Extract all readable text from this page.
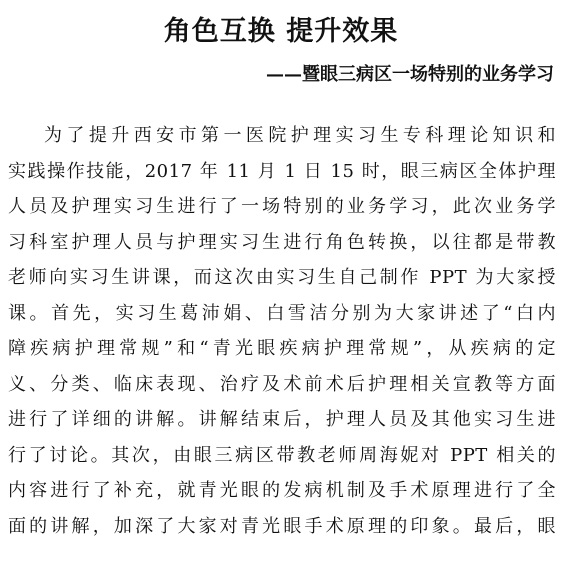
角色互换 提升效果
——暨眼三病区一场特别的业务学习
为了提升西安市第一医院护理实习生专科理论知识和
实践操作技能，2017 年 11 月 1 日 15 时，眼三病区全体护理
人员及护理实习生进行了一场特别的业务学习，此次业务学
习科室护理人员与护理实习生进行角色转换，以往都是带教
老师向实习生讲课，而这次由实习生自己制作 PPT 为大家授
课。首先，实习生葛沛娟、白雪洁分别为大家讲述了“白内
障疾病护理常规”和“青光眼疾病护理常规”，从疾病的定
义、分类、临床表现、治疗及术前术后护理相关宣教等方面
进行了详细的讲解。讲解结束后，护理人员及其他实习生进
行了讨论。其次，由眼三病区带教老师周海妮对 PPT 相关的
内容进行了补充，就青光眼的发病机制及手术原理进行了全
面的讲解，加深了大家对青光眼手术原理的印象。最后，眼
